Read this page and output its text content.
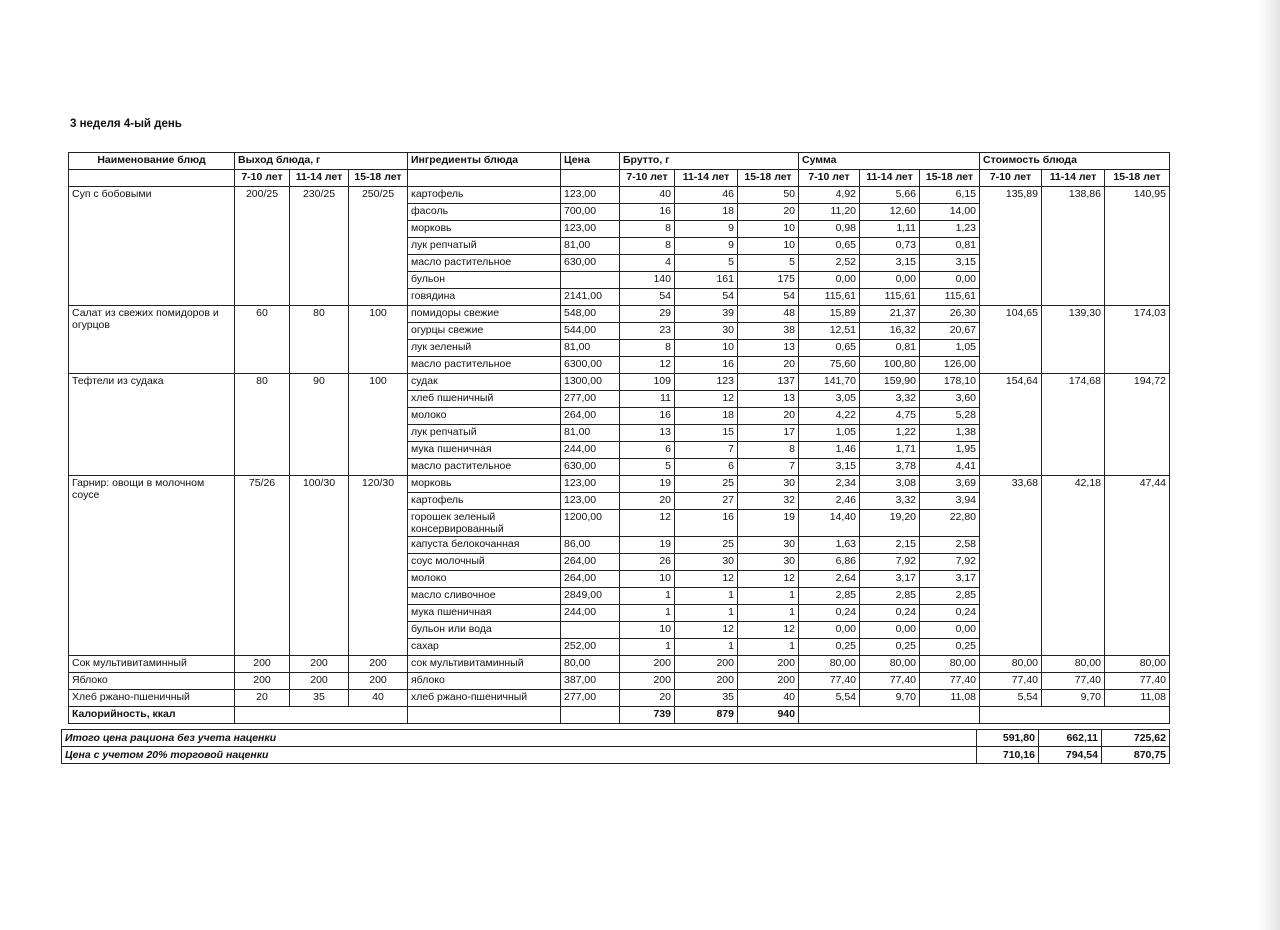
3 неделя 4-ый день
Наименование блюд	Выход блюда, г			Ингредиенты блюда	Цена	Брутто, г			Сумма			Стоимость блюда		
	7-10 лет	11-14 лет	15-18 лет			7-10 лет	11-14 лет	15-18 лет	7-10 лет	11-14 лет	15-18 лет	7-10 лет	11-14 лет	15-18 лет
Суп с бобовыми	200/25	230/25	250/25	картофель	123,00	40	46	50	4,92	5,66	6,15	135,89	138,86	140,95
				фасоль	700,00	16	18	20	11,20	12,60	14,00			
				морковь	123,00	8	9	10	0,98	1,11	1,23			
				лук репчатый	81,00	8	9	10	0,65	0,73	0,81			
				масло растительное	630,00	4	5	5	2,52	3,15	3,15			
				бульон		140	161	175	0,00	0,00	0,00			
				говядина	2141,00	54	54	54	115,61	115,61	115,61			
Салат из свежих помидоров и огурцов	60	80	100	помидоры свежие	548,00	29	39	48	15,89	21,37	26,30	104,65	139,30	174,03
				огурцы свежие	544,00	23	30	38	12,51	16,32	20,67			
				лук зеленый	81,00	8	10	13	0,65	0,81	1,05			
				масло растительное	6300,00	12	16	20	75,60	100,80	126,00			
Тефтели из судака	80	90	100	судак	1300,00	109	123	137	141,70	159,90	178,10	154,64	174,68	194,72
				хлеб пшеничный	277,00	11	12	13	3,05	3,32	3,60			
				молоко	264,00	16	18	20	4,22	4,75	5,28			
				лук репчатый	81,00	13	15	17	1,05	1,22	1,38			
				мука пшеничная	244,00	6	7	8	1,46	1,71	1,95			
				масло растительное	630,00	5	6	7	3,15	3,78	4,41			
Гарнир: овощи в молочном соусе	75/26	100/30	120/30	морковь	123,00	19	25	30	2,34	3,08	3,69	33,68	42,18	47,44
				картофель	123,00	20	27	32	2,46	3,32	3,94			
				горошек зеленый консервированный	1200,00	12	16	19	14,40	19,20	22,80			
				капуста белокочанная	86,00	19	25	30	1,63	2,15	2,58			
				соус молочный	264,00	26	30	30	6,86	7,92	7,92			
				молоко	264,00	10	12	12	2,64	3,17	3,17			
				масло сливочное	2849,00	1	1	1	2,85	2,85	2,85			
				мука пшеничная	244,00	1	1	1	0,24	0,24	0,24			
				бульон или вода		10	12	12	0,00	0,00	0,00			
				сахар	252,00	1	1	1	0,25	0,25	0,25			
Сок мультивитаминный	200	200	200	сок мультивитаминный	80,00	200	200	200	80,00	80,00	80,00	80,00	80,00	80,00
Яблоко	200	200	200	яблоко	387,00	200	200	200	77,40	77,40	77,40	77,40	77,40	77,40
Хлеб ржано-пшеничный	20	35	40	хлеб ржано-пшеничный	277,00	20	35	40	5,54	9,70	11,08	5,54	9,70	11,08
Калорийность, ккал						739	879	940						
Итого цена рациона без учета наценки	591,80	662,11	725,62
Цена с учетом 20% торговой наценки	710,16	794,54	870,75
